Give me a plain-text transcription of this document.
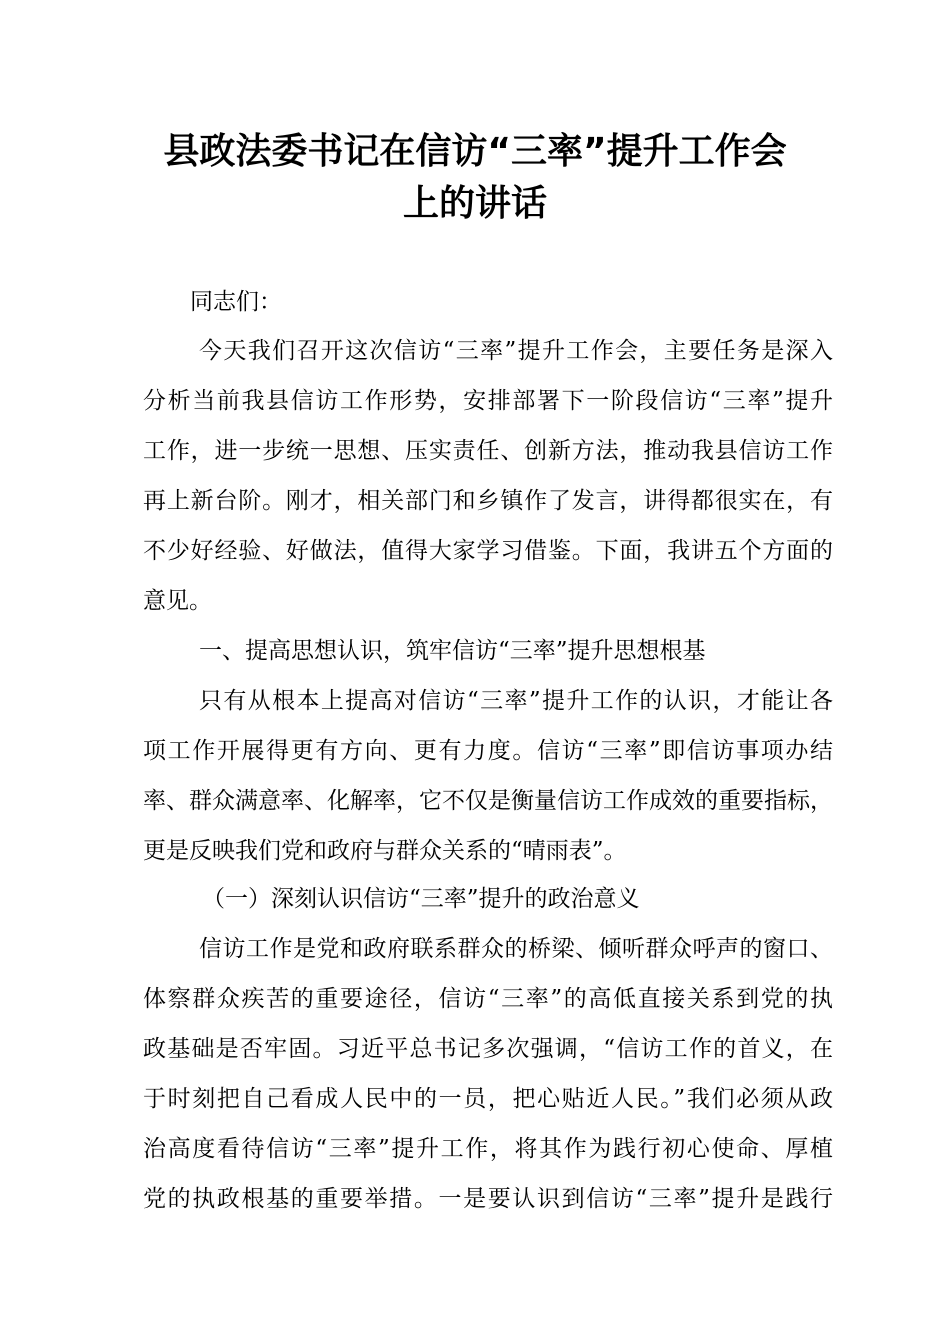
县政法委书记在信访“三率”提升工作会
上的讲话
同志们：
今天我们召开这次信访“三率”提升工作会，主要任务是深入
分析当前我县信访工作形势，安排部署下一阶段信访“三率”提升
工作，进一步统一思想、压实责任、创新方法，推动我县信访工作
再上新台阶。刚才，相关部门和乡镇作了发言，讲得都很实在，有
不少好经验、好做法，值得大家学习借鉴。下面，我讲五个方面的
意见。
一、提高思想认识，筑牢信访“三率”提升思想根基
只有从根本上提高对信访“三率”提升工作的认识，才能让各
项工作开展得更有方向、更有力度。信访“三率”即信访事项办结
率、群众满意率、化解率，它不仅是衡量信访工作成效的重要指标，
更是反映我们党和政府与群众关系的“晴雨表”。
（一）深刻认识信访“三率”提升的政治意义
信访工作是党和政府联系群众的桥梁、倾听群众呼声的窗口、
体察群众疾苦的重要途径，信访“三率”的高低直接关系到党的执
政基础是否牢固。习近平总书记多次强调，“信访工作的首义，在
于时刻把自己看成人民中的一员，把心贴近人民。”我们必须从政
治高度看待信访“三率”提升工作，将其作为践行初心使命、厚植
党的执政根基的重要举措。一是要认识到信访“三率”提升是践行
